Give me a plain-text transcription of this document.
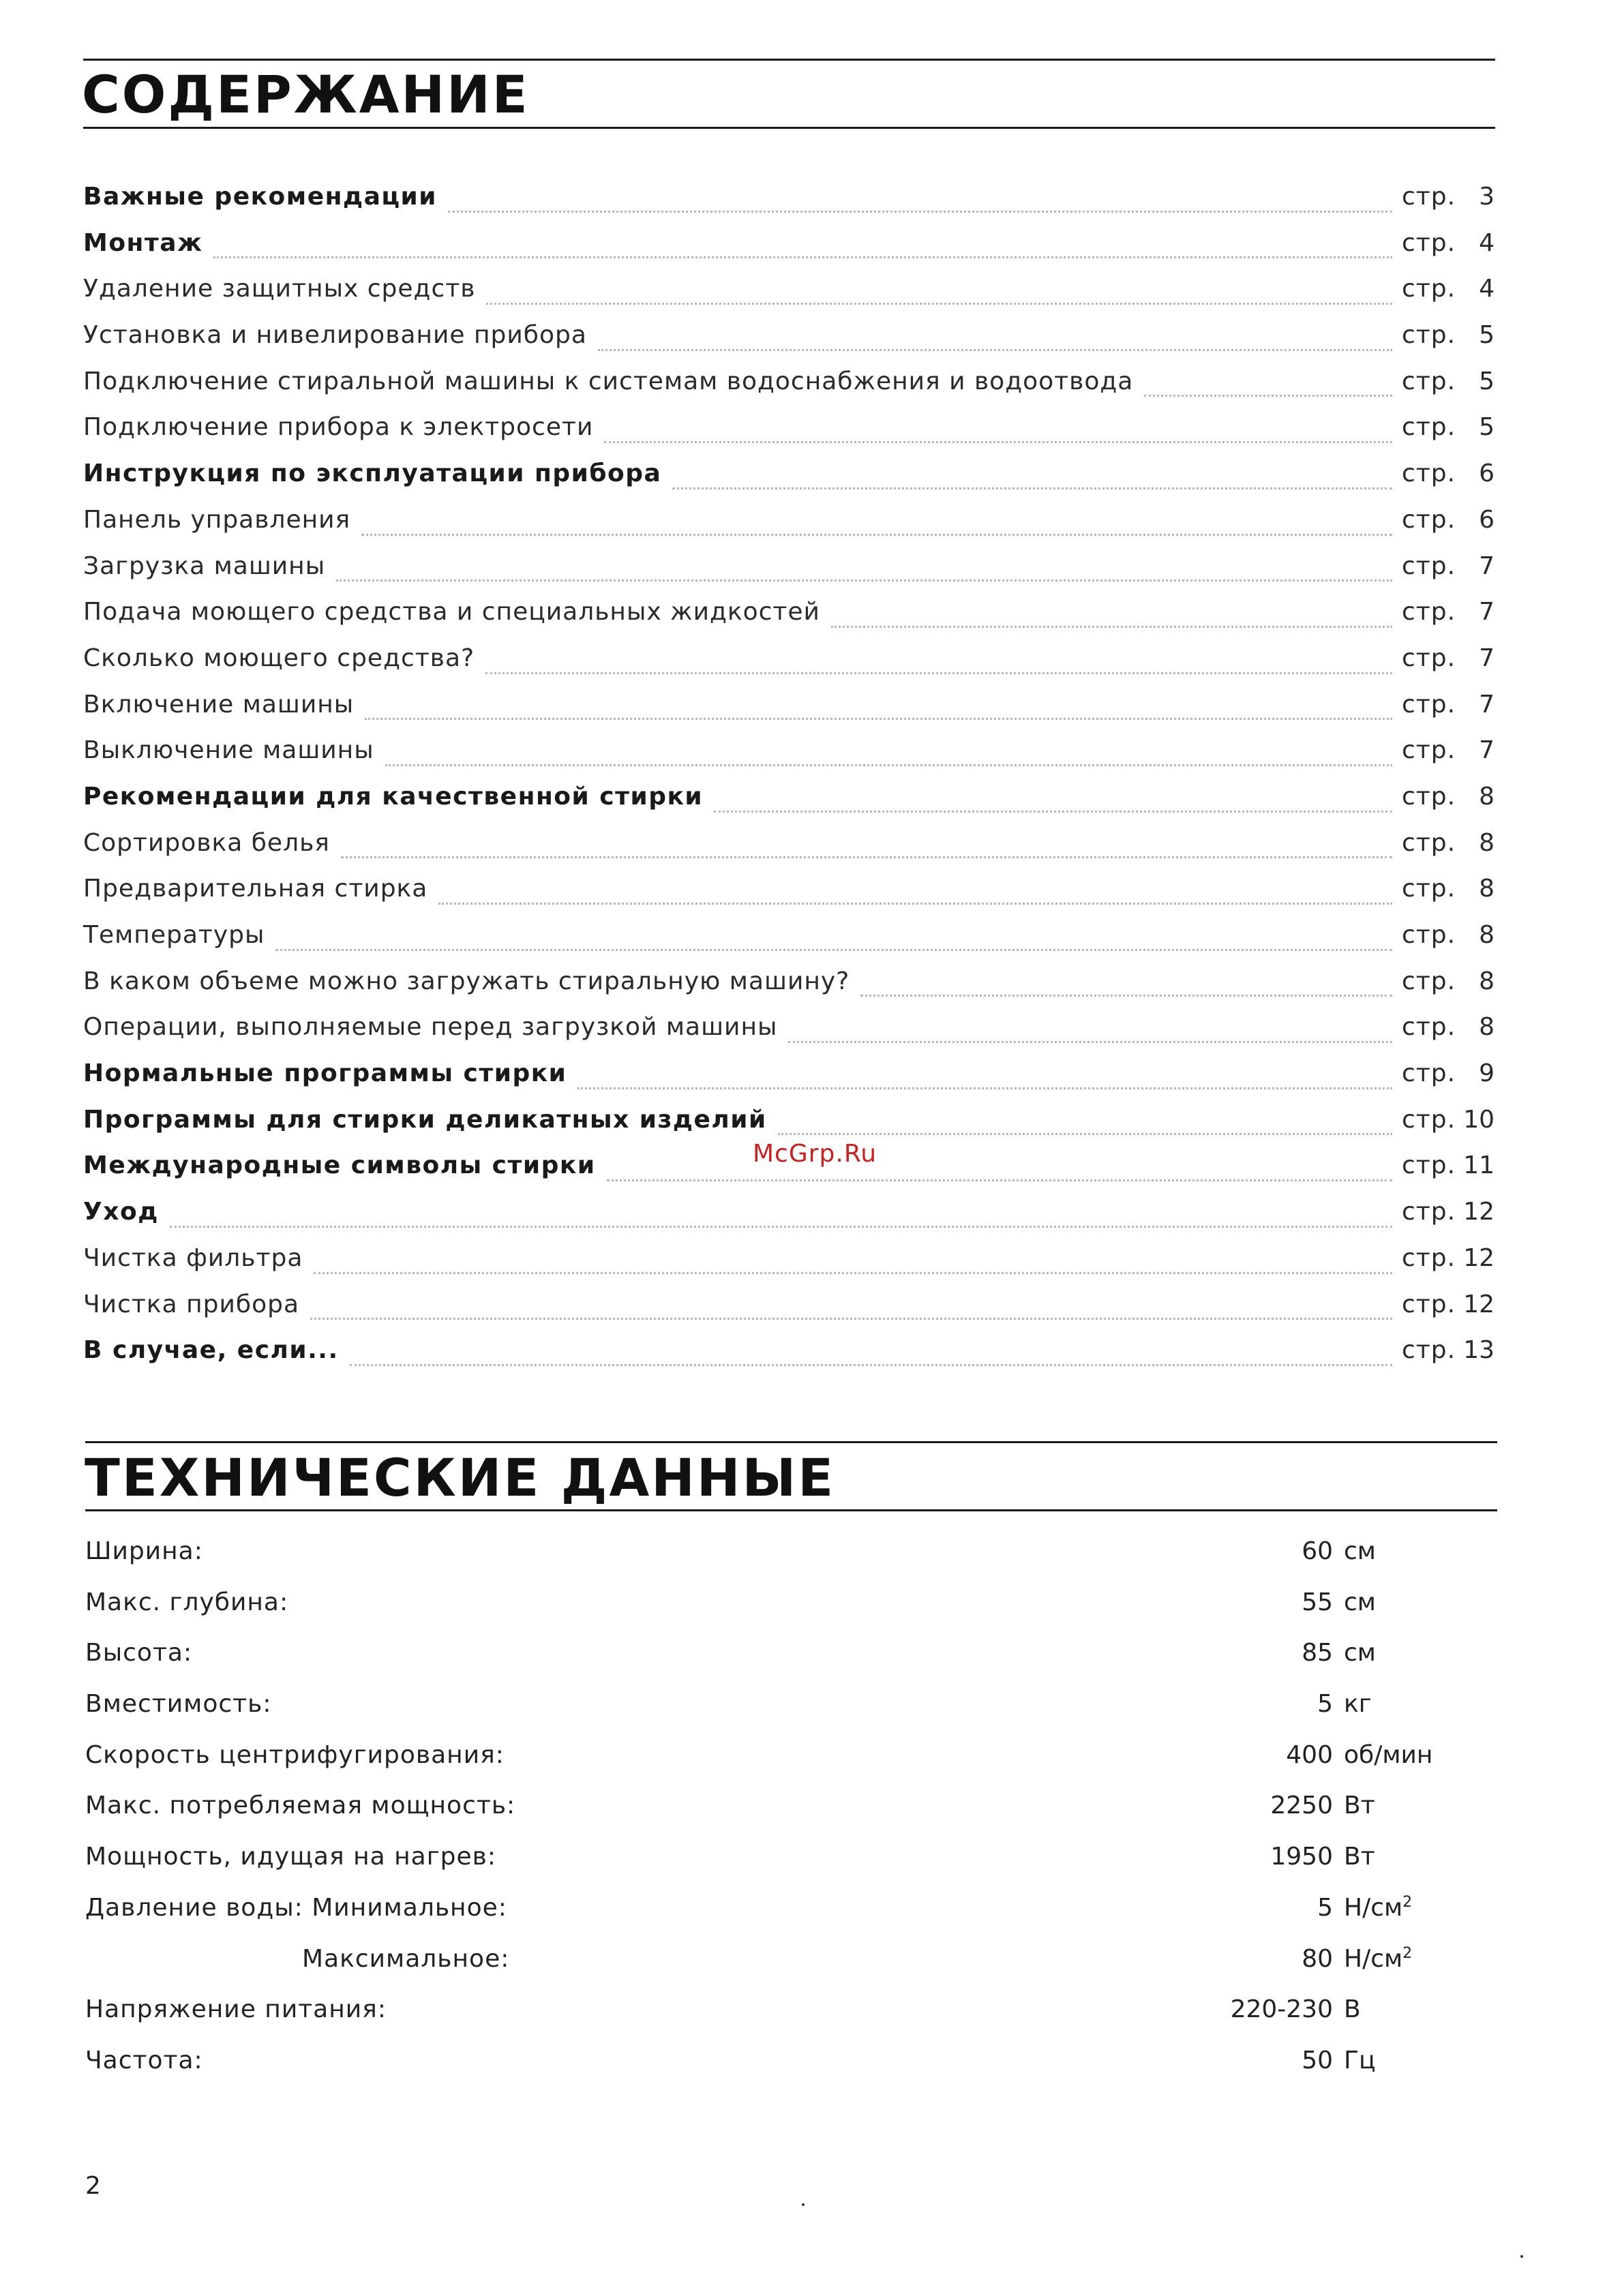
СОДЕРЖАНИЕ
Важные рекомендации	стр. 3
Монтаж	стр. 4
Удаление защитных средств	стр. 4
Установка и нивелирование прибора	стр. 5
Подключение стиральной машины к системам водоснабжения и водоотвода	стр. 5
Подключение прибора к электросети	стр. 5
Инструкция по эксплуатации прибора	стр. 6
Панель управления	стр. 6
Загрузка машины	стр. 7
Подача моющего средства и специальных жидкостей	стр. 7
Сколько моющего средства?	стр. 7
Включение машины	стр. 7
Выключение машины	стр. 7
Рекомендации для качественной стирки	стр. 8
Сортировка белья	стр. 8
Предварительная стирка	стр. 8
Температуры	стр. 8
В каком объеме можно загружать стиральную машину?	стр. 8
Операции, выполняемые перед загрузкой машины	стр. 8
Нормальные программы стирки	стр. 9
Программы для стирки деликатных изделий	стр. 10
Международные символы стирки	стр. 11
Уход	стр. 12
Чистка фильтра	стр. 12
Чистка прибора	стр. 12
В случае, если...	стр. 13
ТЕХНИЧЕСКИЕ ДАННЫЕ
Ширина:	60 см
Макс. глубина:	55 см
Высота:	85 см
Вместимость:	5 кг
Скорость центрифугирования:	400 об/мин
Макс. потребляемая мощность:	2250 Вт
Мощность, идущая на нагрев:	1950 Вт
Давление воды: Минимальное:	5 $Н/см^2$
Максимальное:	80 $Н/см^2$
Напряжение питания:	220-230 В
Частота:	50 Гц
McGrp.Ru
2
